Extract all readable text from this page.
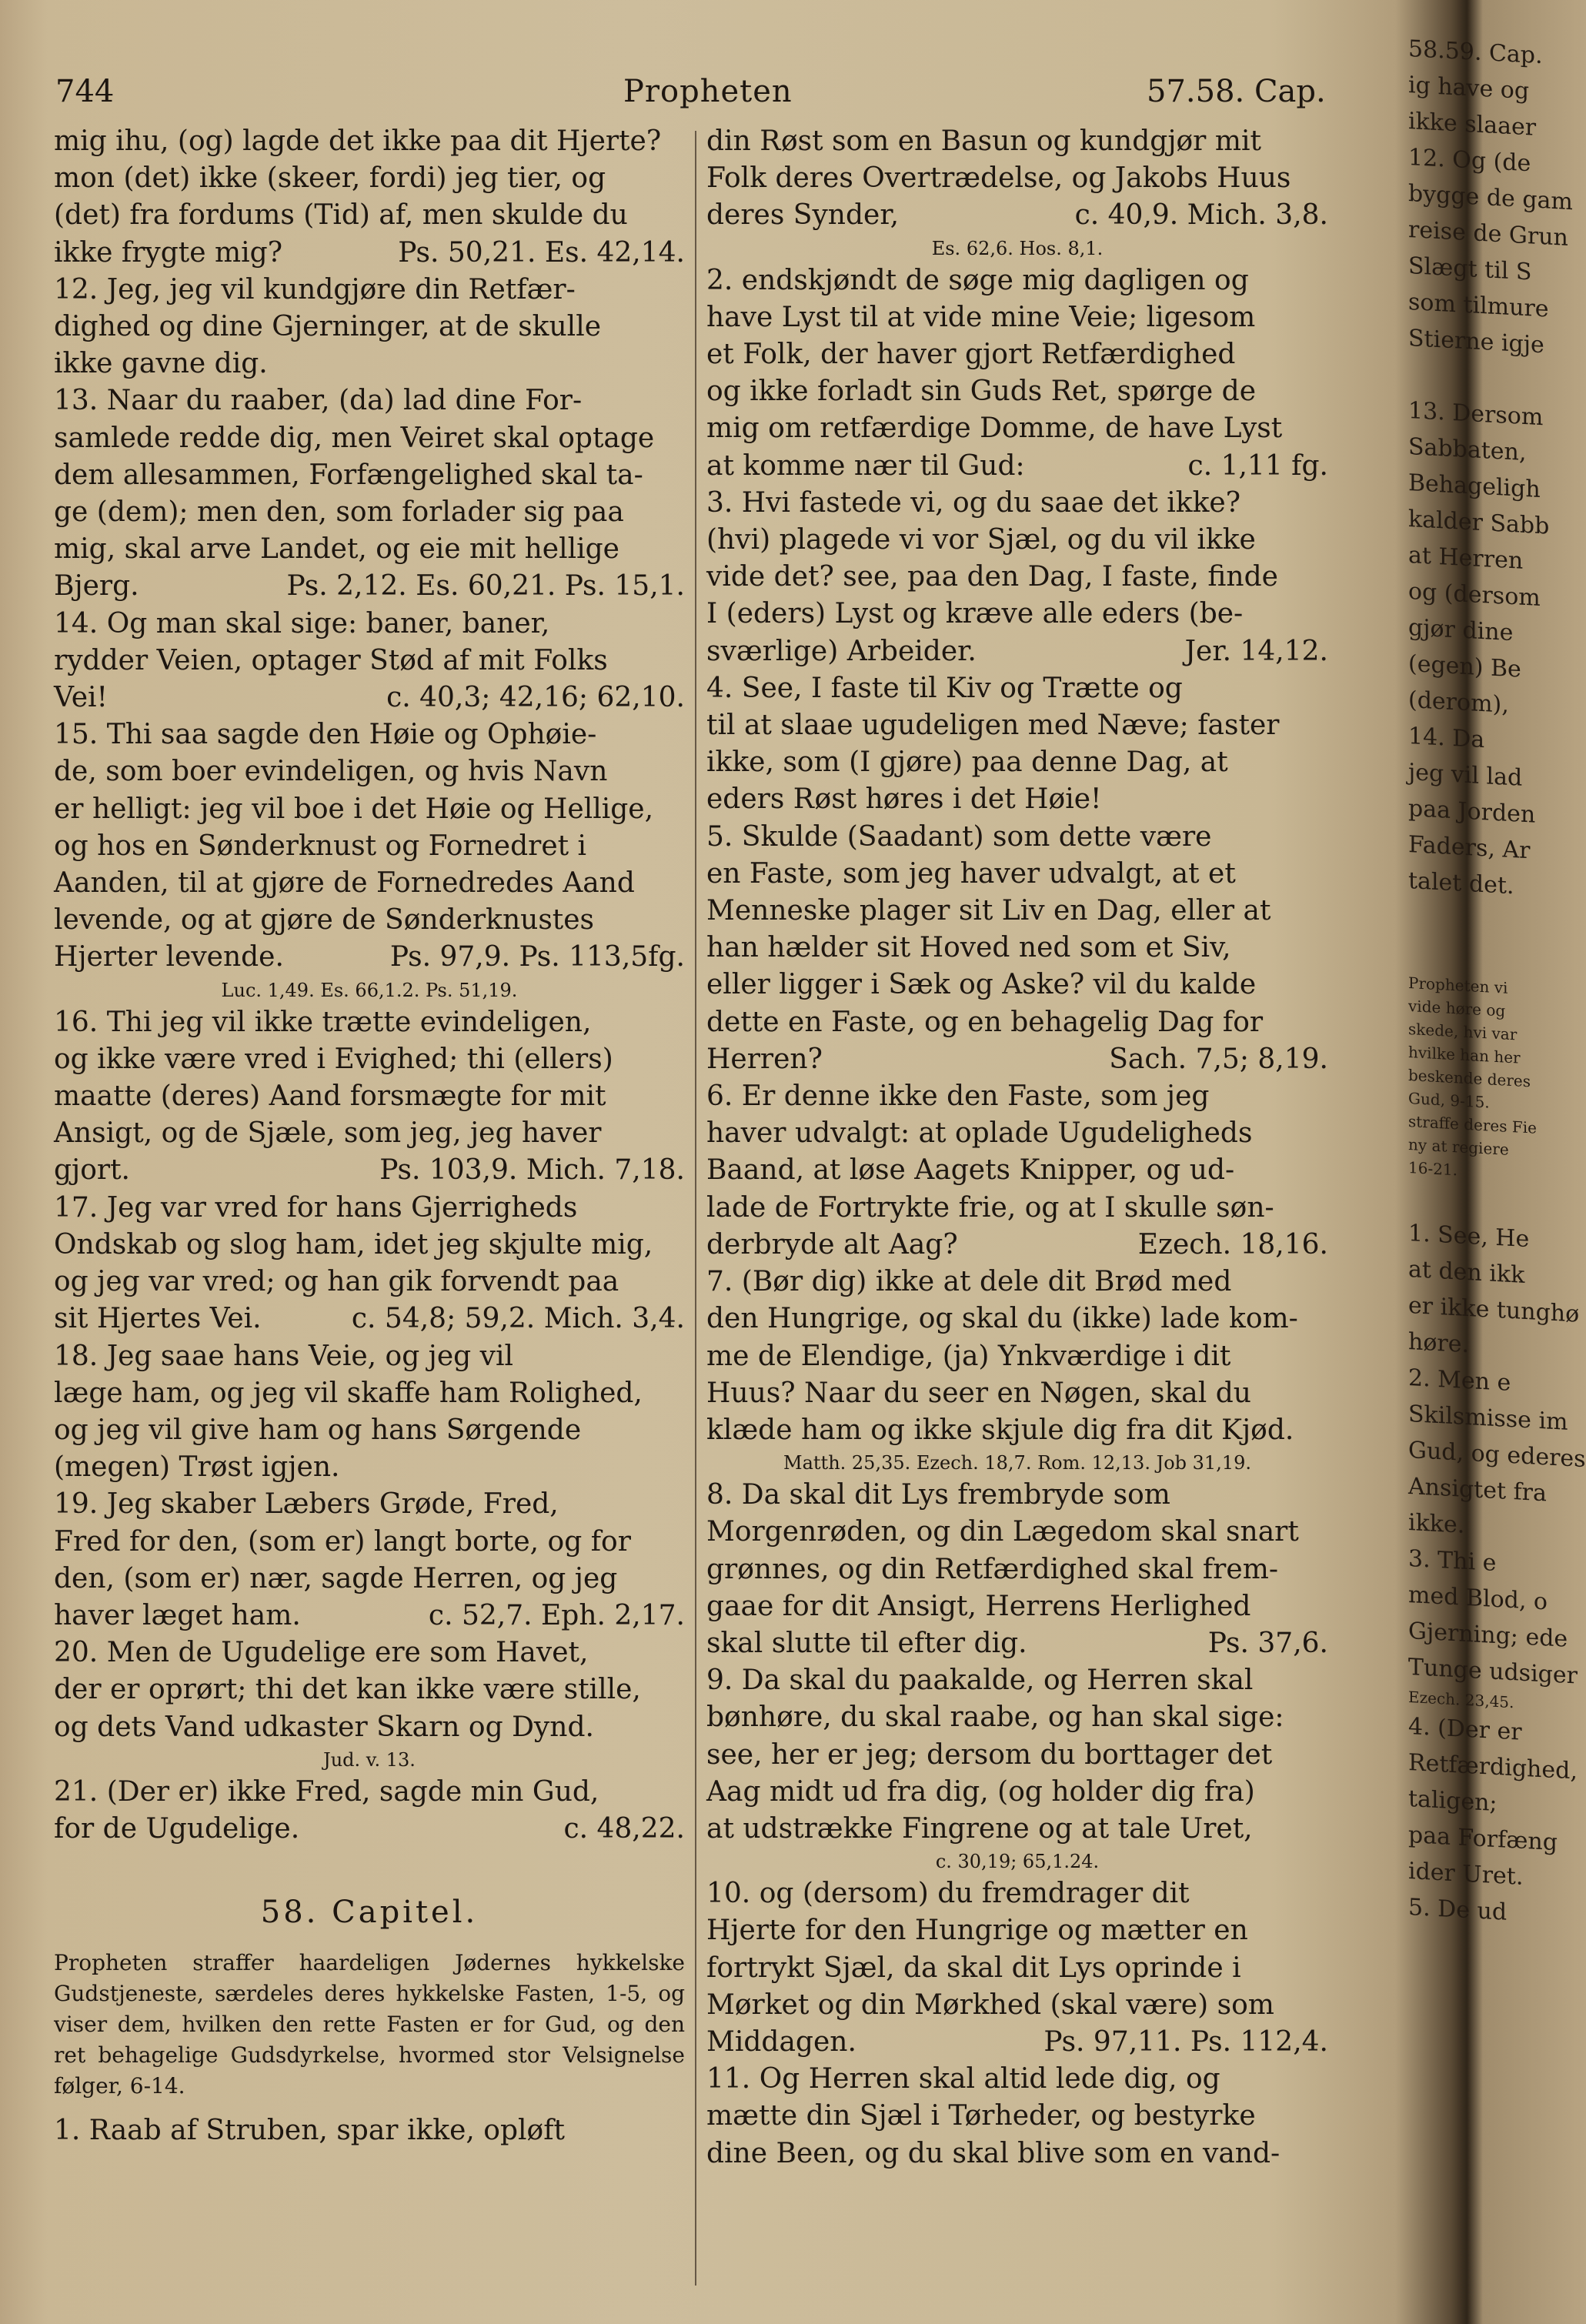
744	Propheten	57.58. Cap.
mig ihu, (og) lagde det ikke paa dit Hjerte?
mon (det) ikke (skeer, fordi) jeg tier, og
(det) fra fordums (Tid) af, men skulde du
ikke frygte mig?	Ps. 50,21. Es. 42,14.
12. Jeg, jeg vil kundgjøre din Retfær-
dighed og dine Gjerninger, at de skulle
ikke gavne dig.
13. Naar du raaber, (da) lad dine For-
samlede redde dig, men Veiret skal optage
dem allesammen, Forfængelighed skal ta-
ge (dem); men den, som forlader sig paa
mig, skal arve Landet, og eie mit hellige
Bjerg.	Ps. 2,12. Es. 60,21. Ps. 15,1.
14. Og man skal sige: baner, baner,
rydder Veien, optager Stød af mit Folks
Vei!	c. 40,3; 42,16; 62,10.
15. Thi saa sagde den Høie og Ophøie-
de, som boer evindeligen, og hvis Navn
er helligt: jeg vil boe i det Høie og Hellige,
og hos en Sønderknust og Fornedret i
Aanden, til at gjøre de Fornedredes Aand
levende, og at gjøre de Sønderknustes
Hjerter levende.	Ps. 97,9. Ps. 113,5fg.
Luc. 1,49. Es. 66,1.2. Ps. 51,19.
16. Thi jeg vil ikke trætte evindeligen,
og ikke være vred i Evighed; thi (ellers)
maatte (deres) Aand forsmægte for mit
Ansigt, og de Sjæle, som jeg, jeg haver
gjort.	Ps. 103,9. Mich. 7,18.
17. Jeg var vred for hans Gjerrigheds
Ondskab og slog ham, idet jeg skjulte mig,
og jeg var vred; og han gik forvendt paa
sit Hjertes Vei.	c. 54,8; 59,2. Mich. 3,4.
18. Jeg saae hans Veie, og jeg vil
læge ham, og jeg vil skaffe ham Rolighed,
og jeg vil give ham og hans Sørgende
(megen) Trøst igjen.
19. Jeg skaber Læbers Grøde, Fred,
Fred for den, (som er) langt borte, og for
den, (som er) nær, sagde Herren, og jeg
haver læget ham.	c. 52,7. Eph. 2,17.
20. Men de Ugudelige ere som Havet,
der er oprørt; thi det kan ikke være stille,
og dets Vand udkaster Skarn og Dynd.
Jud. v. 13.
21. (Der er) ikke Fred, sagde min Gud,
for de Ugudelige.	c. 48,22.
58. Capitel.
Propheten straffer haardeligen Jødernes hykkelske Gudstjeneste, særdeles deres hykkelske Fasten, 1-5, og viser dem, hvilken den rette Fasten er for Gud, og den ret behagelige Gudsdyrkelse, hvormed stor Velsignelse følger, 6-14.
1. Raab af Struben, spar ikke, opløft
din Røst som en Basun og kundgjør mit
Folk deres Overtrædelse, og Jakobs Huus
deres Synder,	c. 40,9. Mich. 3,8.
Es. 62,6. Hos. 8,1.
2. endskjøndt de søge mig dagligen og
have Lyst til at vide mine Veie; ligesom
et Folk, der haver gjort Retfærdighed
og ikke forladt sin Guds Ret, spørge de
mig om retfærdige Domme, de have Lyst
at komme nær til Gud:	c. 1,11 fg.
3. Hvi fastede vi, og du saae det ikke?
(hvi) plagede vi vor Sjæl, og du vil ikke
vide det? see, paa den Dag, I faste, finde
I (eders) Lyst og kræve alle eders (be-
sværlige) Arbeider.	Jer. 14,12.
4. See, I faste til Kiv og Trætte og
til at slaae ugudeligen med Næve; faster
ikke, som (I gjøre) paa denne Dag, at
eders Røst høres i det Høie!
5. Skulde (Saadant) som dette være
en Faste, som jeg haver udvalgt, at et
Menneske plager sit Liv en Dag, eller at
han hælder sit Hoved ned som et Siv,
eller ligger i Sæk og Aske? vil du kalde
dette en Faste, og en behagelig Dag for
Herren?	Sach. 7,5; 8,19.
6. Er denne ikke den Faste, som jeg
haver udvalgt: at oplade Ugudeligheds
Baand, at løse Aagets Knipper, og ud-
lade de Fortrykte frie, og at I skulle søn-
derbryde alt Aag?	Ezech. 18,16.
7. (Bør dig) ikke at dele dit Brød med
den Hungrige, og skal du (ikke) lade kom-
me de Elendige, (ja) Ynkværdige i dit
Huus? Naar du seer en Nøgen, skal du
klæde ham og ikke skjule dig fra dit Kjød.
Matth. 25,35. Ezech. 18,7. Rom. 12,13. Job 31,19.
8. Da skal dit Lys frembryde som
Morgenrøden, og din Lægedom skal snart
grønnes, og din Retfærdighed skal frem-
gaae for dit Ansigt, Herrens Herlighed
skal slutte til efter dig.	Ps. 37,6.
9. Da skal du paakalde, og Herren skal
bønhøre, du skal raabe, og han skal sige:
see, her er jeg; dersom du borttager det
Aag midt ud fra dig, (og holder dig fra)
at udstrække Fingrene og at tale Uret,
c. 30,19; 65,1.24.
10. og (dersom) du fremdrager dit
Hjerte for den Hungrige og mætter en
fortrykt Sjæl, da skal dit Lys oprinde i
Mørket og din Mørkhed (skal være) som
Middagen.	Ps. 97,11. Ps. 112,4.
11. Og Herren skal altid lede dig, og
mætte din Sjæl i Tørheder, og bestyrke
dine Been, og du skal blive som en vand-
58.59. Cap.
ig have og
ikke slaaer
12. Og (de
bygge de gam
reise de Grun
Slægt til S
som tilmure
Stierne igje

13. Dersom
Sabbaten,
Behageligh
kalder Sabb
at Herren
og (dersom
gjør dine
(egen) Be
(derom),
14. Da
jeg vil lad
paa Jorden
Faders, Ar
talet det.

Propheten vi
vide høre og
skede, hvi var
hvilke han her
beskende deres
Gud, 9-15.
straffe deres Fie
ny at regiere
16-21.

1. See, He
at den ikk
er ikke tunghø
høre.
2. Men e
Skilsmisse im
Gud, og ederes
Ansigtet fra
ikke.
3. Thi e
med Blod, o
Gjerning; ede
Tunge udsiger
Ezech. 23,45.
4. (Der er
Retfærdighed,
taligen;
paa Forfæng
ider Uret.
5. De ud
